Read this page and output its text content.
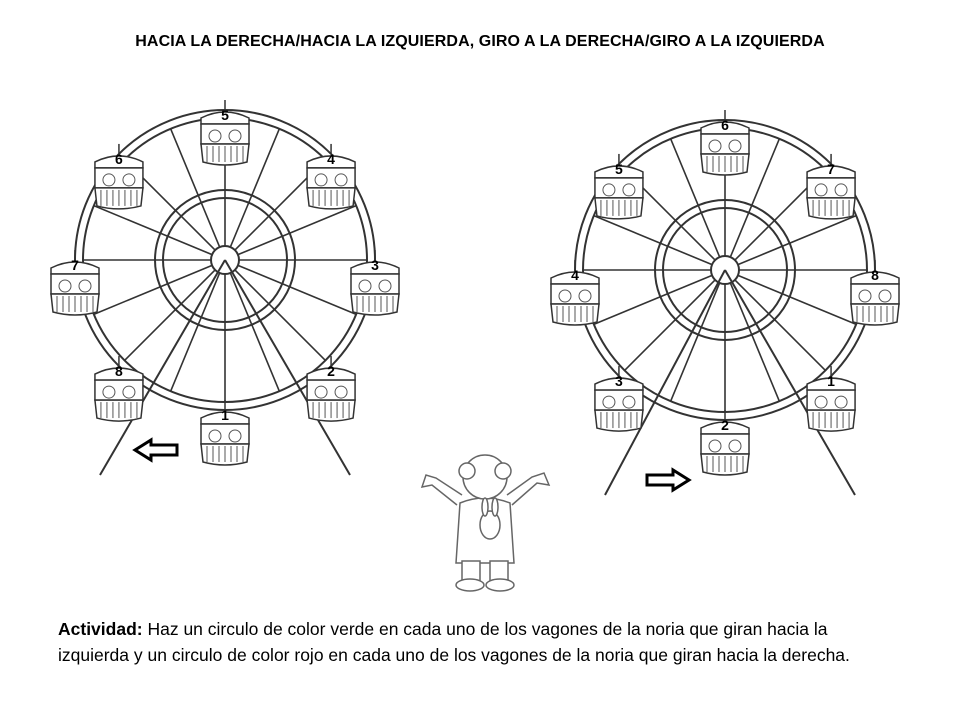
HACIA LA DERECHA/HACIA LA IZQUIERDA, GIRO A LA DERECHA/GIRO A LA IZQUIERDA
1
2
3
4
5
6
7
8
2
3
4
5
6
7
8
1
Actividad: Haz un circulo de color verde en cada uno de los vagones de la noria que giran hacia la izquierda y un circulo de color rojo en cada uno de los vagones de la noria que giran hacia la derecha.
